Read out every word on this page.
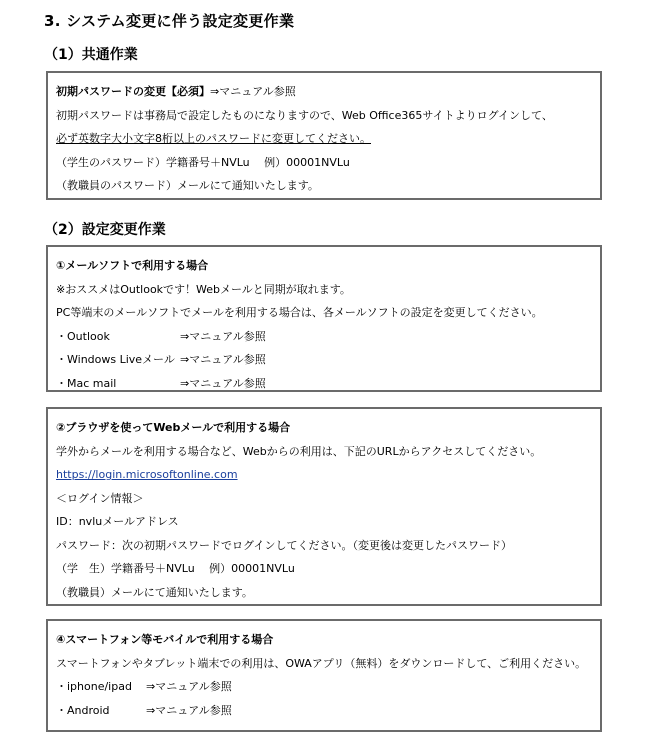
3. システム変更に伴う設定変更作業
（1）共通作業
初期パスワードの変更【必須】⇒マニュアル参照
初期パスワードは事務局で設定したものになりますので、Web Office365サイトよりログインして、
必ず英数字大小文字8桁以上のパスワードに変更してください。
（学生のパスワード）学籍番号＋NVLu　 例）00001NVLu
（教職員のパスワード）メールにて通知いたします。
（2）設定変更作業
①メールソフトで利用する場合
※おススメはOutlookです！Webメールと同期が取れます。
PC等端末のメールソフトでメールを利用する場合は、各メールソフトの設定を変更してください。
・Outlook	⇒マニュアル参照
・Windows Liveメール ⇒マニュアル参照
・Mac mail	⇒マニュアル参照
②ブラウザを使ってWebメールで利用する場合
学外からメールを利用する場合など、Webからの利用は、下記のURLからアクセスしてください。
https://login.microsoftonline.com
＜ログイン情報＞
ID：nvluメールアドレス
パスワード：次の初期パスワードでログインしてください。（変更後は変更したパスワード）
（学　生）学籍番号＋NVLu　 例）00001NVLu
（教職員）メールにて通知いたします。
④スマートフォン等モバイルで利用する場合
スマートフォンやタブレット端末での利用は、OWAアプリ（無料）をダウンロードして、ご利用ください。
・iphone/ipad ⇒マニュアル参照
・Android	⇒マニュアル参照
